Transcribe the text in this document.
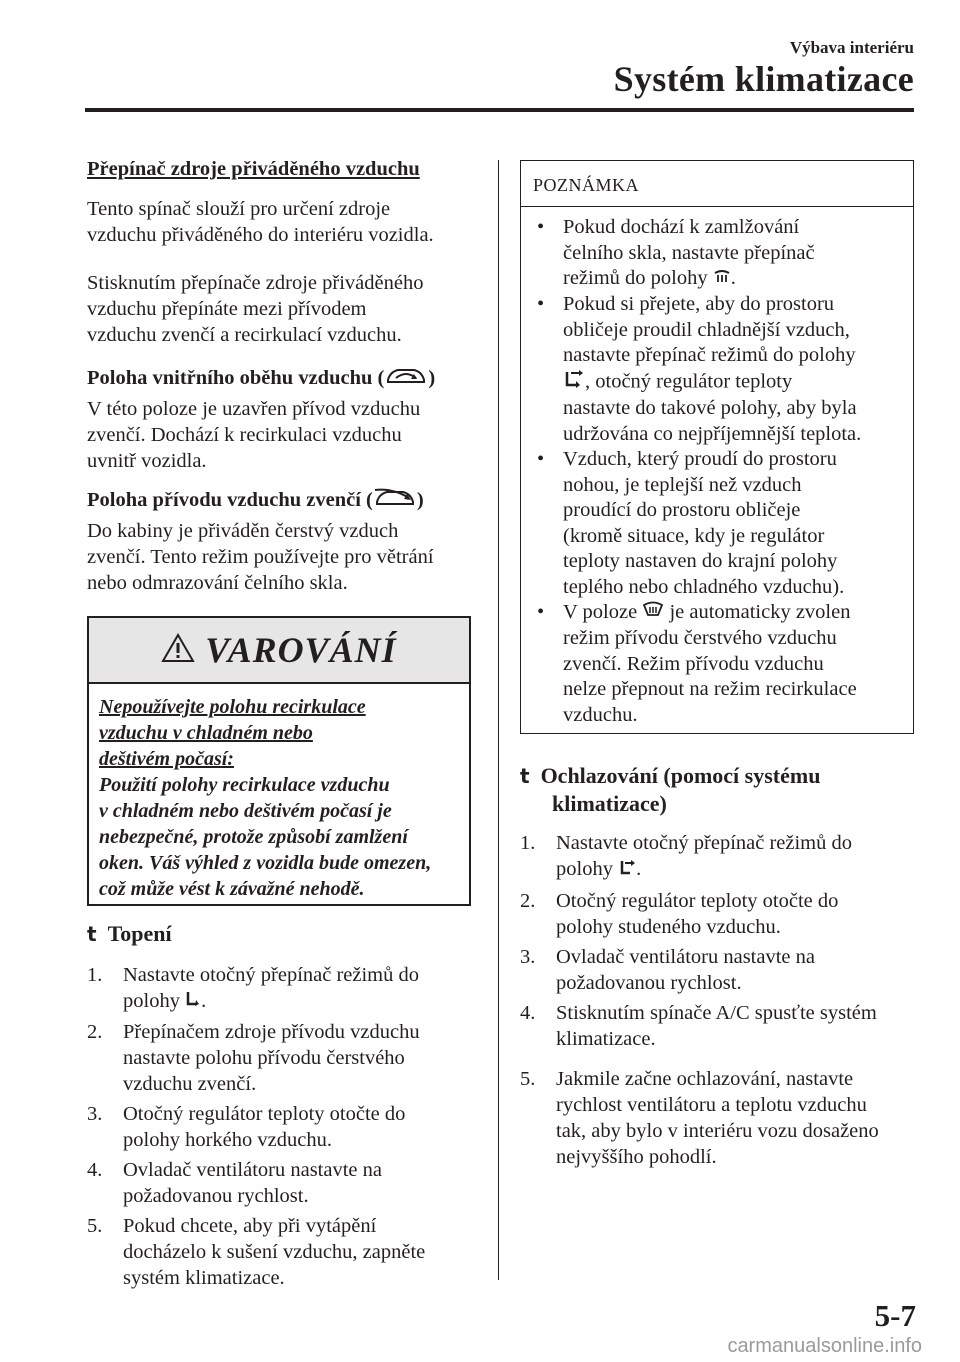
Výbava interiéru
Systém klimatizace

Přepínač zdroje přiváděného vzduchu

Tento spínač slouží pro určení zdroje

vzduchu přiváděného do interiéru vozidla.

Stisknutím přepínače zdroje přiváděného

vzduchu přepínáte mezi přívodem

vzduchu zvenčí a recirkulací vzduchu.

Poloha vnitřního oběhu vzduchu ( )

V této poloze je uzavřen přívod vzduchu

zvenčí. Dochází k recirkulaci vzduchu

uvnitř vozidla.

Poloha přívodu vzduchu zvenčí ( )

Do kabiny je přiváděn čerstvý vzduch

zvenčí. Tento režim používejte pro větrání

nebo odmrazování čelního skla.

VAROVÁNÍ
Nepoužívejte polohu recirkulace
vzduchu v chladném nebo
deštivém počasí:
Použití polohy recirkulace vzduchu
v chladném nebo deštivém počasí je
nebezpečné, protože způsobí zamlžení
oken. Váš výhled z vozidla bude omezen,
což může vést k závažné nehodě.
t Topení
1. Nastavte otočný přepínač režimů do
polohy .
2. Přepínačem zdroje přívodu vzduchu
nastavte polohu přívodu čerstvého
vzduchu zvenčí.
3. Otočný regulátor teploty otočte do
polohy horkého vzduchu.
4. Ovladač ventilátoru nastavte na
požadovanou rychlost.
5. Pokud chcete, aby při vytápění
docházelo k sušení vzduchu, zapněte
systém klimatizace.
POZNÁMKA
• Pokud dochází k zamlžování
čelního skla, nastavte přepínač
režimů do polohy .
• Pokud si přejete, aby do prostoru
obličeje proudil chladnější vzduch,
nastavte přepínač režimů do polohy
, otočný regulátor teploty
nastavte do takové polohy, aby byla
udržována co nejpříjemnější teplota.
• Vzduch, který proudí do prostoru
nohou, je teplejší než vzduch
proudící do prostoru obličeje
(kromě situace, kdy je regulátor
teploty nastaven do krajní polohy
teplého nebo chladného vzduchu).
• V poloze  je automaticky zvolen
režim přívodu čerstvého vzduchu
zvenčí. Režim přívodu vzduchu
nelze přepnout na režim recirkulace
vzduchu.
t Ochlazování (pomocí systému
klimatizace)
1. Nastavte otočný přepínač režimů do
polohy .
2. Otočný regulátor teploty otočte do
polohy studeného vzduchu.
3. Ovladač ventilátoru nastavte na
požadovanou rychlost.
4. Stisknutím spínače A/C spusťte systém
klimatizace.
5. Jakmile začne ochlazování, nastavte
rychlost ventilátoru a teplotu vzduchu
tak, aby bylo v interiéru vozu dosaženo
nejvyššího pohodlí.
5-7
carmanualsonline.info
